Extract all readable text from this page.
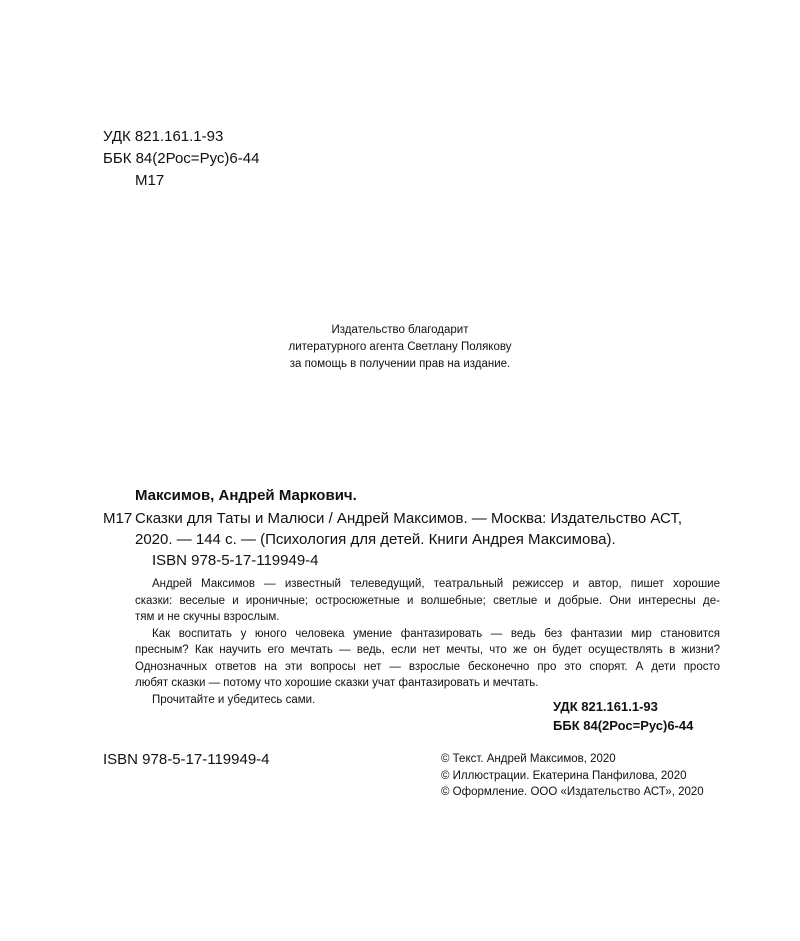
УДК 821.161.1-93
ББК 84(2Рос=Рус)6-44
М17
Издательство благодарит
литературного агента Светлану Полякову
за помощь в получении прав на издание.
Максимов, Андрей Маркович.
М17 Сказки для Таты и Малюси / Андрей Максимов. — Москва: Издательство АСТ,
2020. — 144 с. — (Психология для детей. Книги Андрея Максимова).
ISBN 978-5-17-119949-4

Андрей Максимов — известный телеведущий, театральный режиссер и автор, пишет хорошие

сказки: веселые и ироничные; остросюжетные и волшебные; светлые и добрые. Они интересны де-
тям и не скучны взрослым.

Как воспитать у юного человека умение фантазировать — ведь без фантазии мир становится

пресным? Как научить его мечтать — ведь, если нет мечты, что же он будет осуществлять в жизни?
Однозначных ответов на эти вопросы нет — взрослые бесконечно про это спорят. А дети просто
любят сказки — потому что хорошие сказки учат фантазировать и мечтать.

Прочитайте и убедитесь сами.	УДК 821.161.1-93
ББК 84(2Рос=Рус)6-44
ISBN 978-5-17-119949-4	© Текст. Андрей Максимов, 2020
© Иллюстрации. Екатерина Панфилова, 2020
© Оформление. ООО «Издательство АСТ», 2020
